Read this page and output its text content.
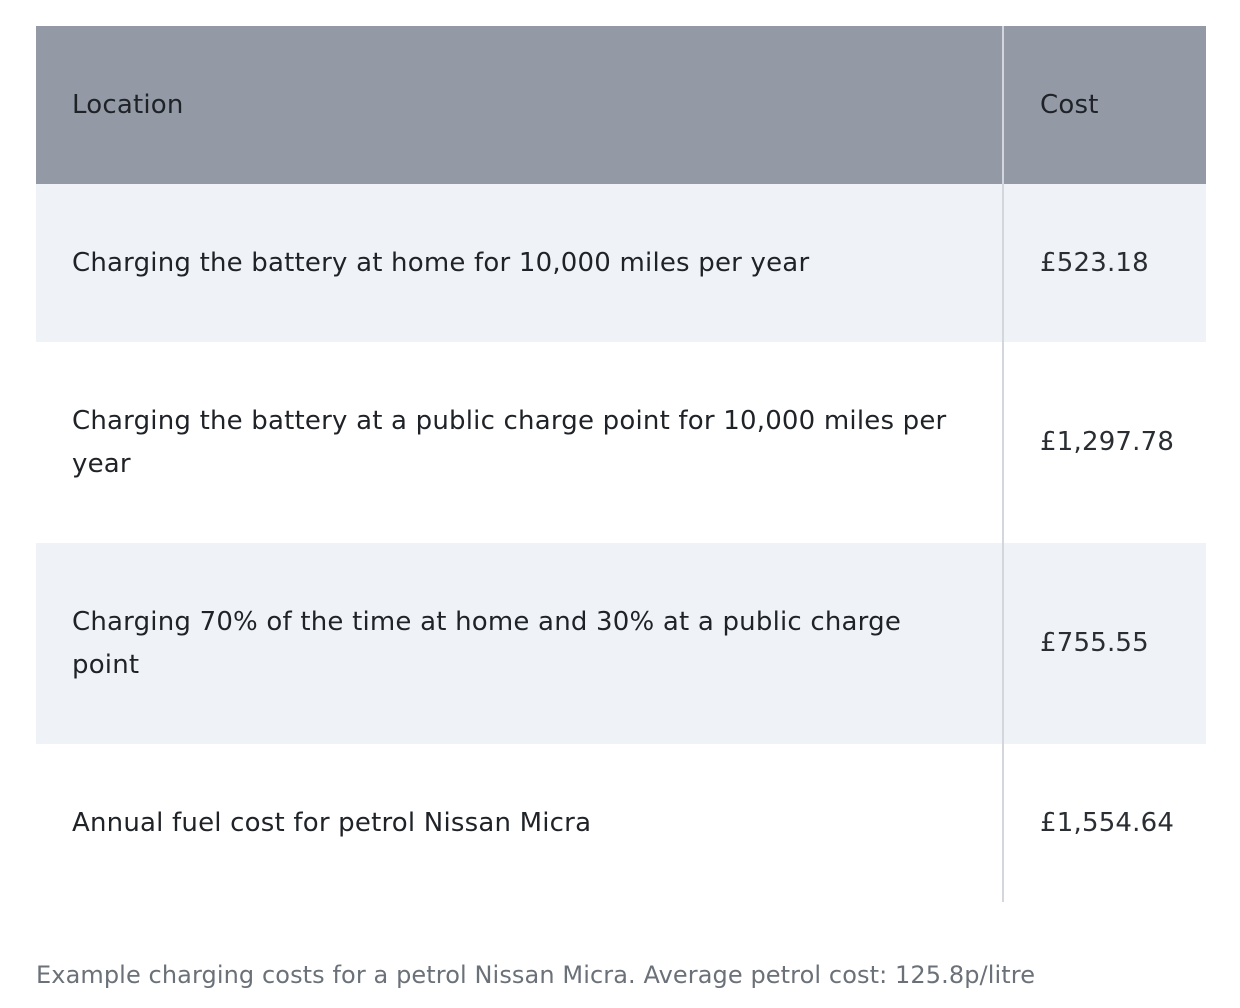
Location	Cost
Charging the battery at home for 10,000 miles per year	£523.18
Charging the battery at a public charge point for 10,000 miles per year	£1,297.78
Charging 70% of the time at home and 30% at a public charge point	£755.55
Annual fuel cost for petrol Nissan Micra	£1,554.64
Example charging costs for a petrol Nissan Micra. Average petrol cost: 125.8p/litre
